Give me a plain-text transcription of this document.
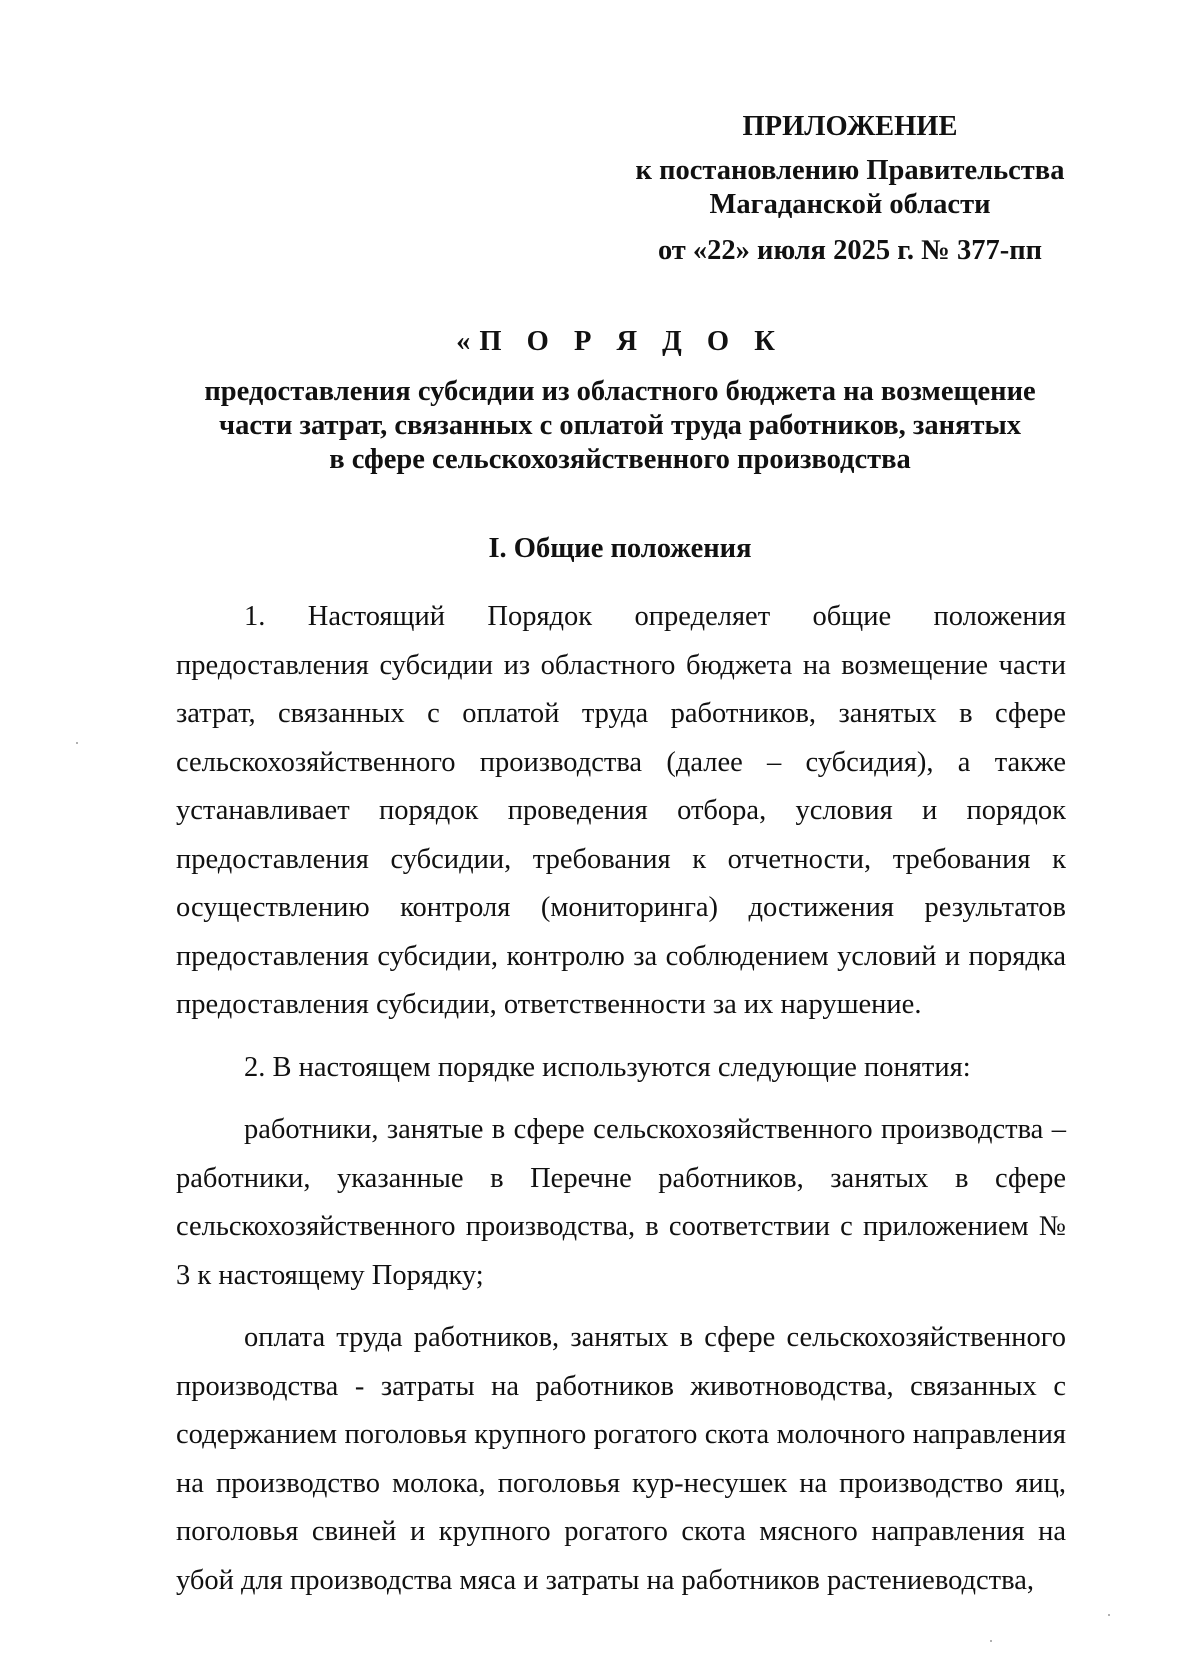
ПРИЛОЖЕНИЕ
к постановлению Правительства
Магаданской области
от «22» июля 2025 г. № 377-пп
«П О Р Я Д О К
предоставления субсидии из областного бюджета на возмещение
части затрат, связанных с оплатой труда работников, занятых
в сфере сельскохозяйственного производства
I. Общие положения

1. Настоящий Порядок определяет общие положения предоставления субсидии из областного бюджета на возмещение части затрат, связанных с оплатой труда работников, занятых в сфере сельскохозяйственного производства (далее – субсидия), а также устанавливает порядок проведения отбора, условия и порядок предоставления субсидии, требования к отчетности, требования к осуществлению контроля (мониторинга) достижения результатов предоставления субсидии, контролю за соблюдением условий и порядка предоставления субсидии, ответственности за их нарушение.

2. В настоящем порядке используются следующие понятия:

работники, занятые в сфере сельскохозяйственного производства – работники, указанные в Перечне работников, занятых в сфере сельскохозяйственного производства, в соответствии с приложением № 3 к настоящему Порядку;

оплата труда работников, занятых в сфере сельскохозяйственного производства - затраты на работников животноводства, связанных с содержанием поголовья крупного рогатого скота молочного направления на производство молока, поголовья кур-несушек на производство яиц, поголовья свиней и крупного рогатого скота мясного направления на убой для производства мяса и затраты на работников растениеводства,
